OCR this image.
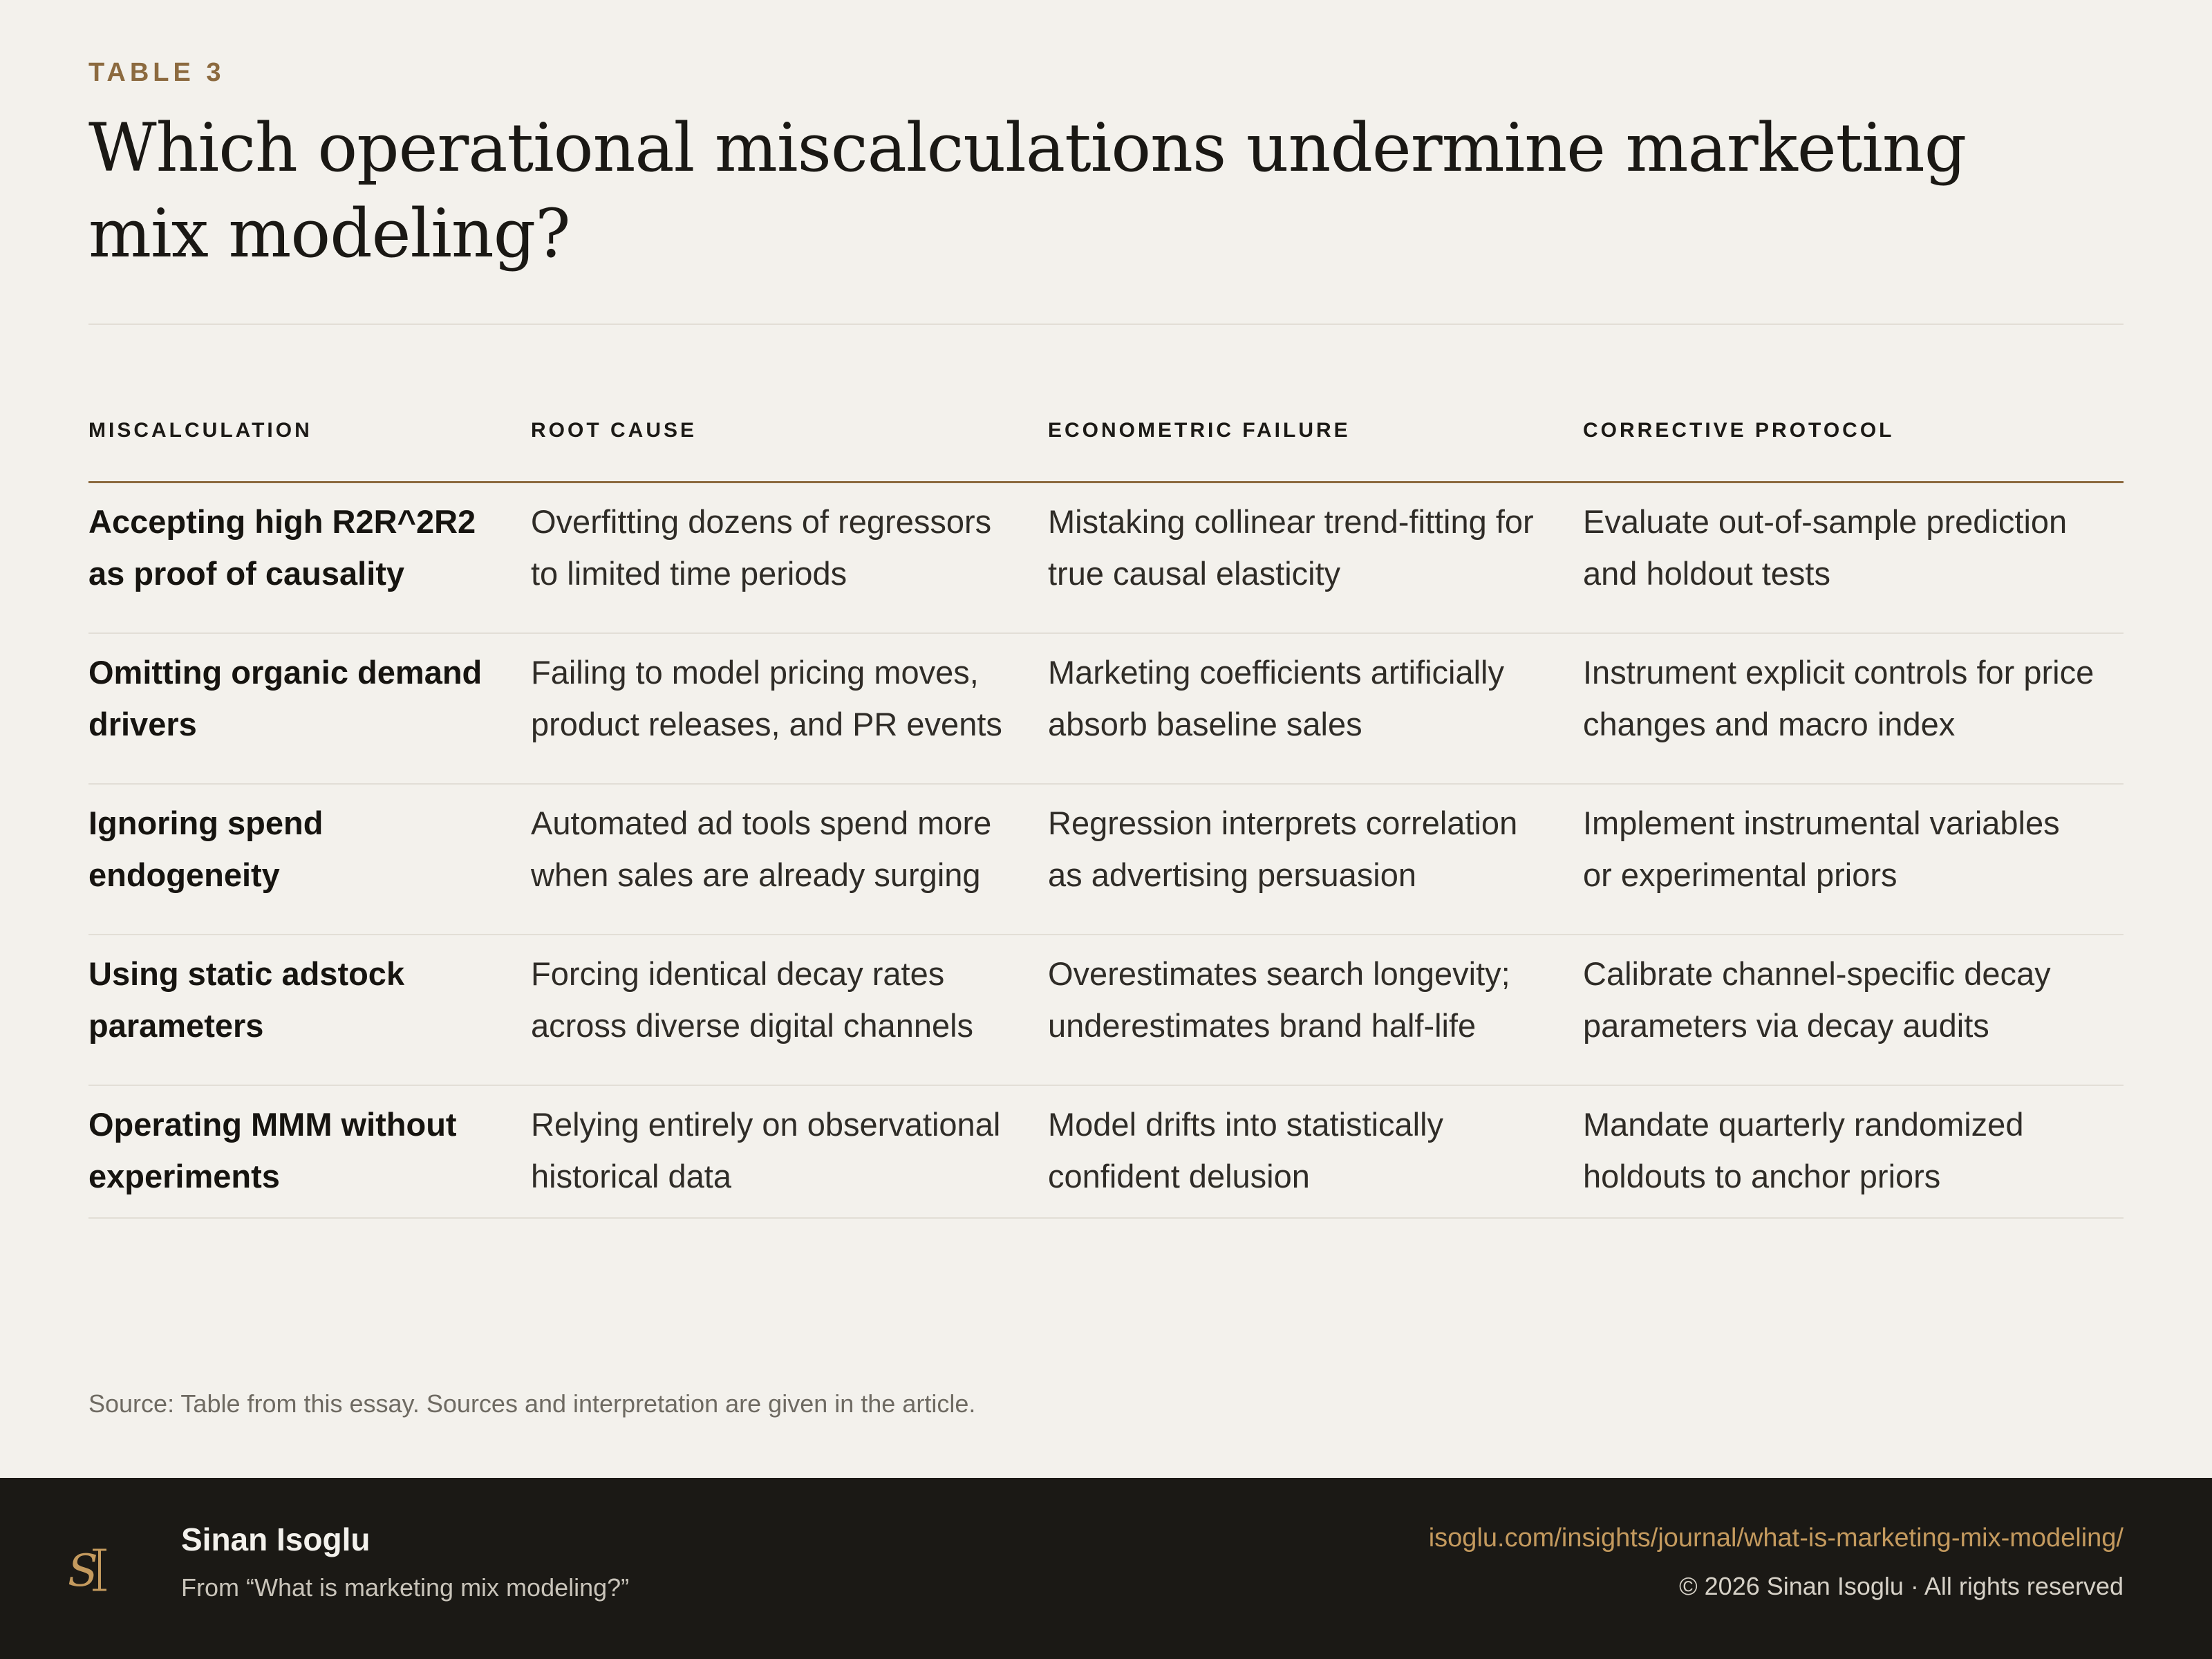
TABLE 3
Which operational miscalculations undermine marketing mix modeling?
MISCALCULATION	ROOT CAUSE	ECONOMETRIC FAILURE	CORRECTIVE PROTOCOL
Accepting high R2R^2R2 as proof of causality	Overfitting dozens of regressors to limited time periods	Mistaking collinear trend-fitting for true causal elasticity	Evaluate out-of-sample prediction and holdout tests
Omitting organic demand drivers	Failing to model pricing moves, product releases, and PR events	Marketing coefficients artificially absorb baseline sales	Instrument explicit controls for price changes and macro index
Ignoring spend endogeneity	Automated ad tools spend more when sales are already surging	Regression interprets correlation as advertising persuasion	Implement instrumental variables or experimental priors
Using static adstock parameters	Forcing identical decay rates across diverse digital channels	Overestimates search longevity; underestimates brand half-life	Calibrate channel-specific decay parameters via decay audits
Operating MMM without experiments	Relying entirely on observational historical data	Model drifts into statistically confident delusion	Mandate quarterly randomized holdouts to anchor priors
Source: Table from this essay. Sources and interpretation are given in the article.
S
Sinan Isoglu
From “What is marketing mix modeling?”
isoglu.com/insights/journal/what-is-marketing-mix-modeling/
© 2026 Sinan Isoglu · All rights reserved
